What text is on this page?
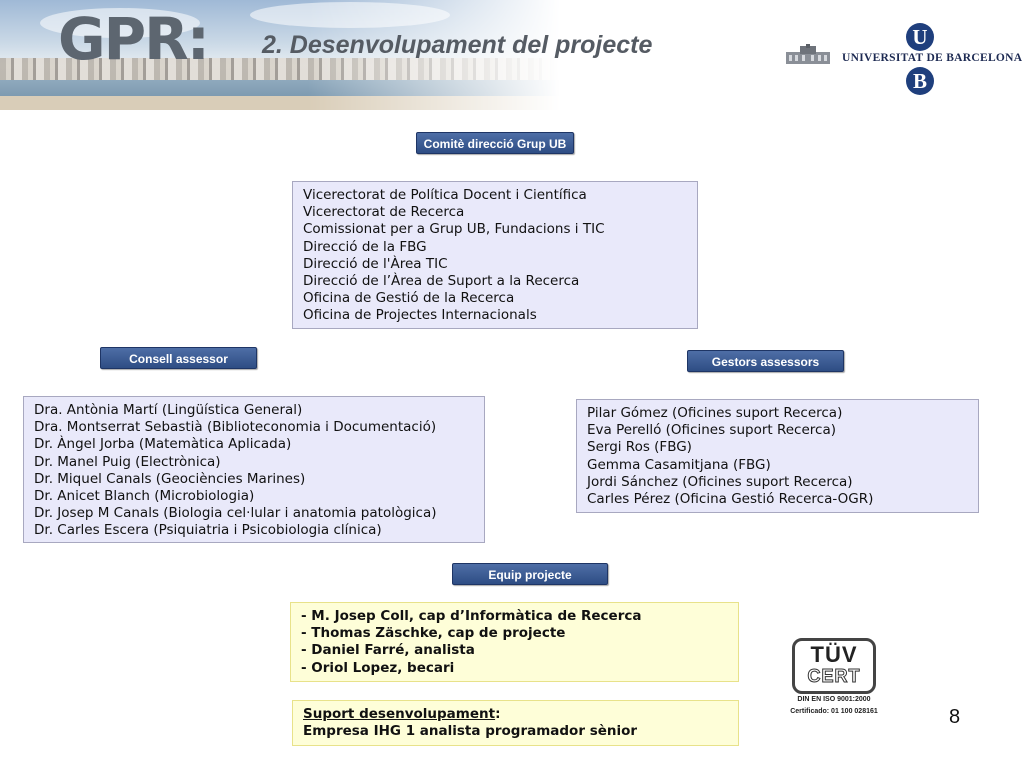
GPR: 2. Desenvolupament del projecte	U
UNIVERSITAT DE BARCELONA
B
Comitè direcció Grup UB
Vicerectorat de Política Docent i Científica
Vicerectorat de Recerca
Comissionat per a Grup UB, Fundacions i TIC
Direcció de la FBG
Direcció de l'Àrea TIC
Direcció de l’Àrea de Suport a la Recerca
Oficina de Gestió de la Recerca
Oficina de Projectes Internacionals
Consell assessor
Dra. Antònia Martí (Lingüística General)
Dra. Montserrat Sebastià (Biblioteconomia i Documentació)
Dr. Àngel Jorba (Matemàtica Aplicada)
Dr. Manel Puig (Electrònica)
Dr. Miquel Canals (Geociències Marines)
Dr. Anicet Blanch (Microbiologia)
Dr. Josep M Canals (Biologia cel·lular i anatomia patològica)
Dr. Carles Escera (Psiquiatria i Psicobiologia clínica)
Gestors assessors
Pilar Gómez (Oficines suport Recerca)
Eva Perelló (Oficines suport Recerca)
Sergi Ros (FBG)
Gemma Casamitjana (FBG)
Jordi Sánchez (Oficines suport Recerca)
Carles Pérez (Oficina Gestió Recerca-OGR)
Equip projecte
- M. Josep Coll, cap d’Informàtica de Recerca
- Thomas Zäschke, cap de projecte
- Daniel Farré, analista
- Oriol Lopez, becari
Suport desenvolupament:
Empresa IHG 1 analista programador sènior
TÜV
CERT
DIN EN ISO 9001:2000
Certificado: 01 100 028161	8
